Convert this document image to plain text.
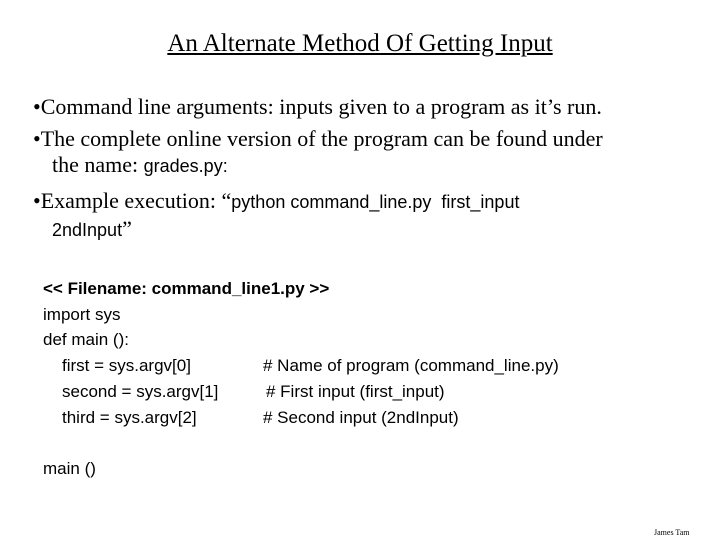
An Alternate Method Of Getting Input
•Command line arguments: inputs given to a program as it’s run.
•The complete online version of the program can be found under
the name: grades.py:
•Example execution: “python command_line.py  first_input
2ndInput”
<< Filename: command_line1.py >>
import sys
def main ():
first = sys.argv[0]	# Name of program (command_line.py)
second = sys.argv[1]	# First input (first_input)
third = sys.argv[2]	# Second input (2ndInput)
main ()
James Tam
